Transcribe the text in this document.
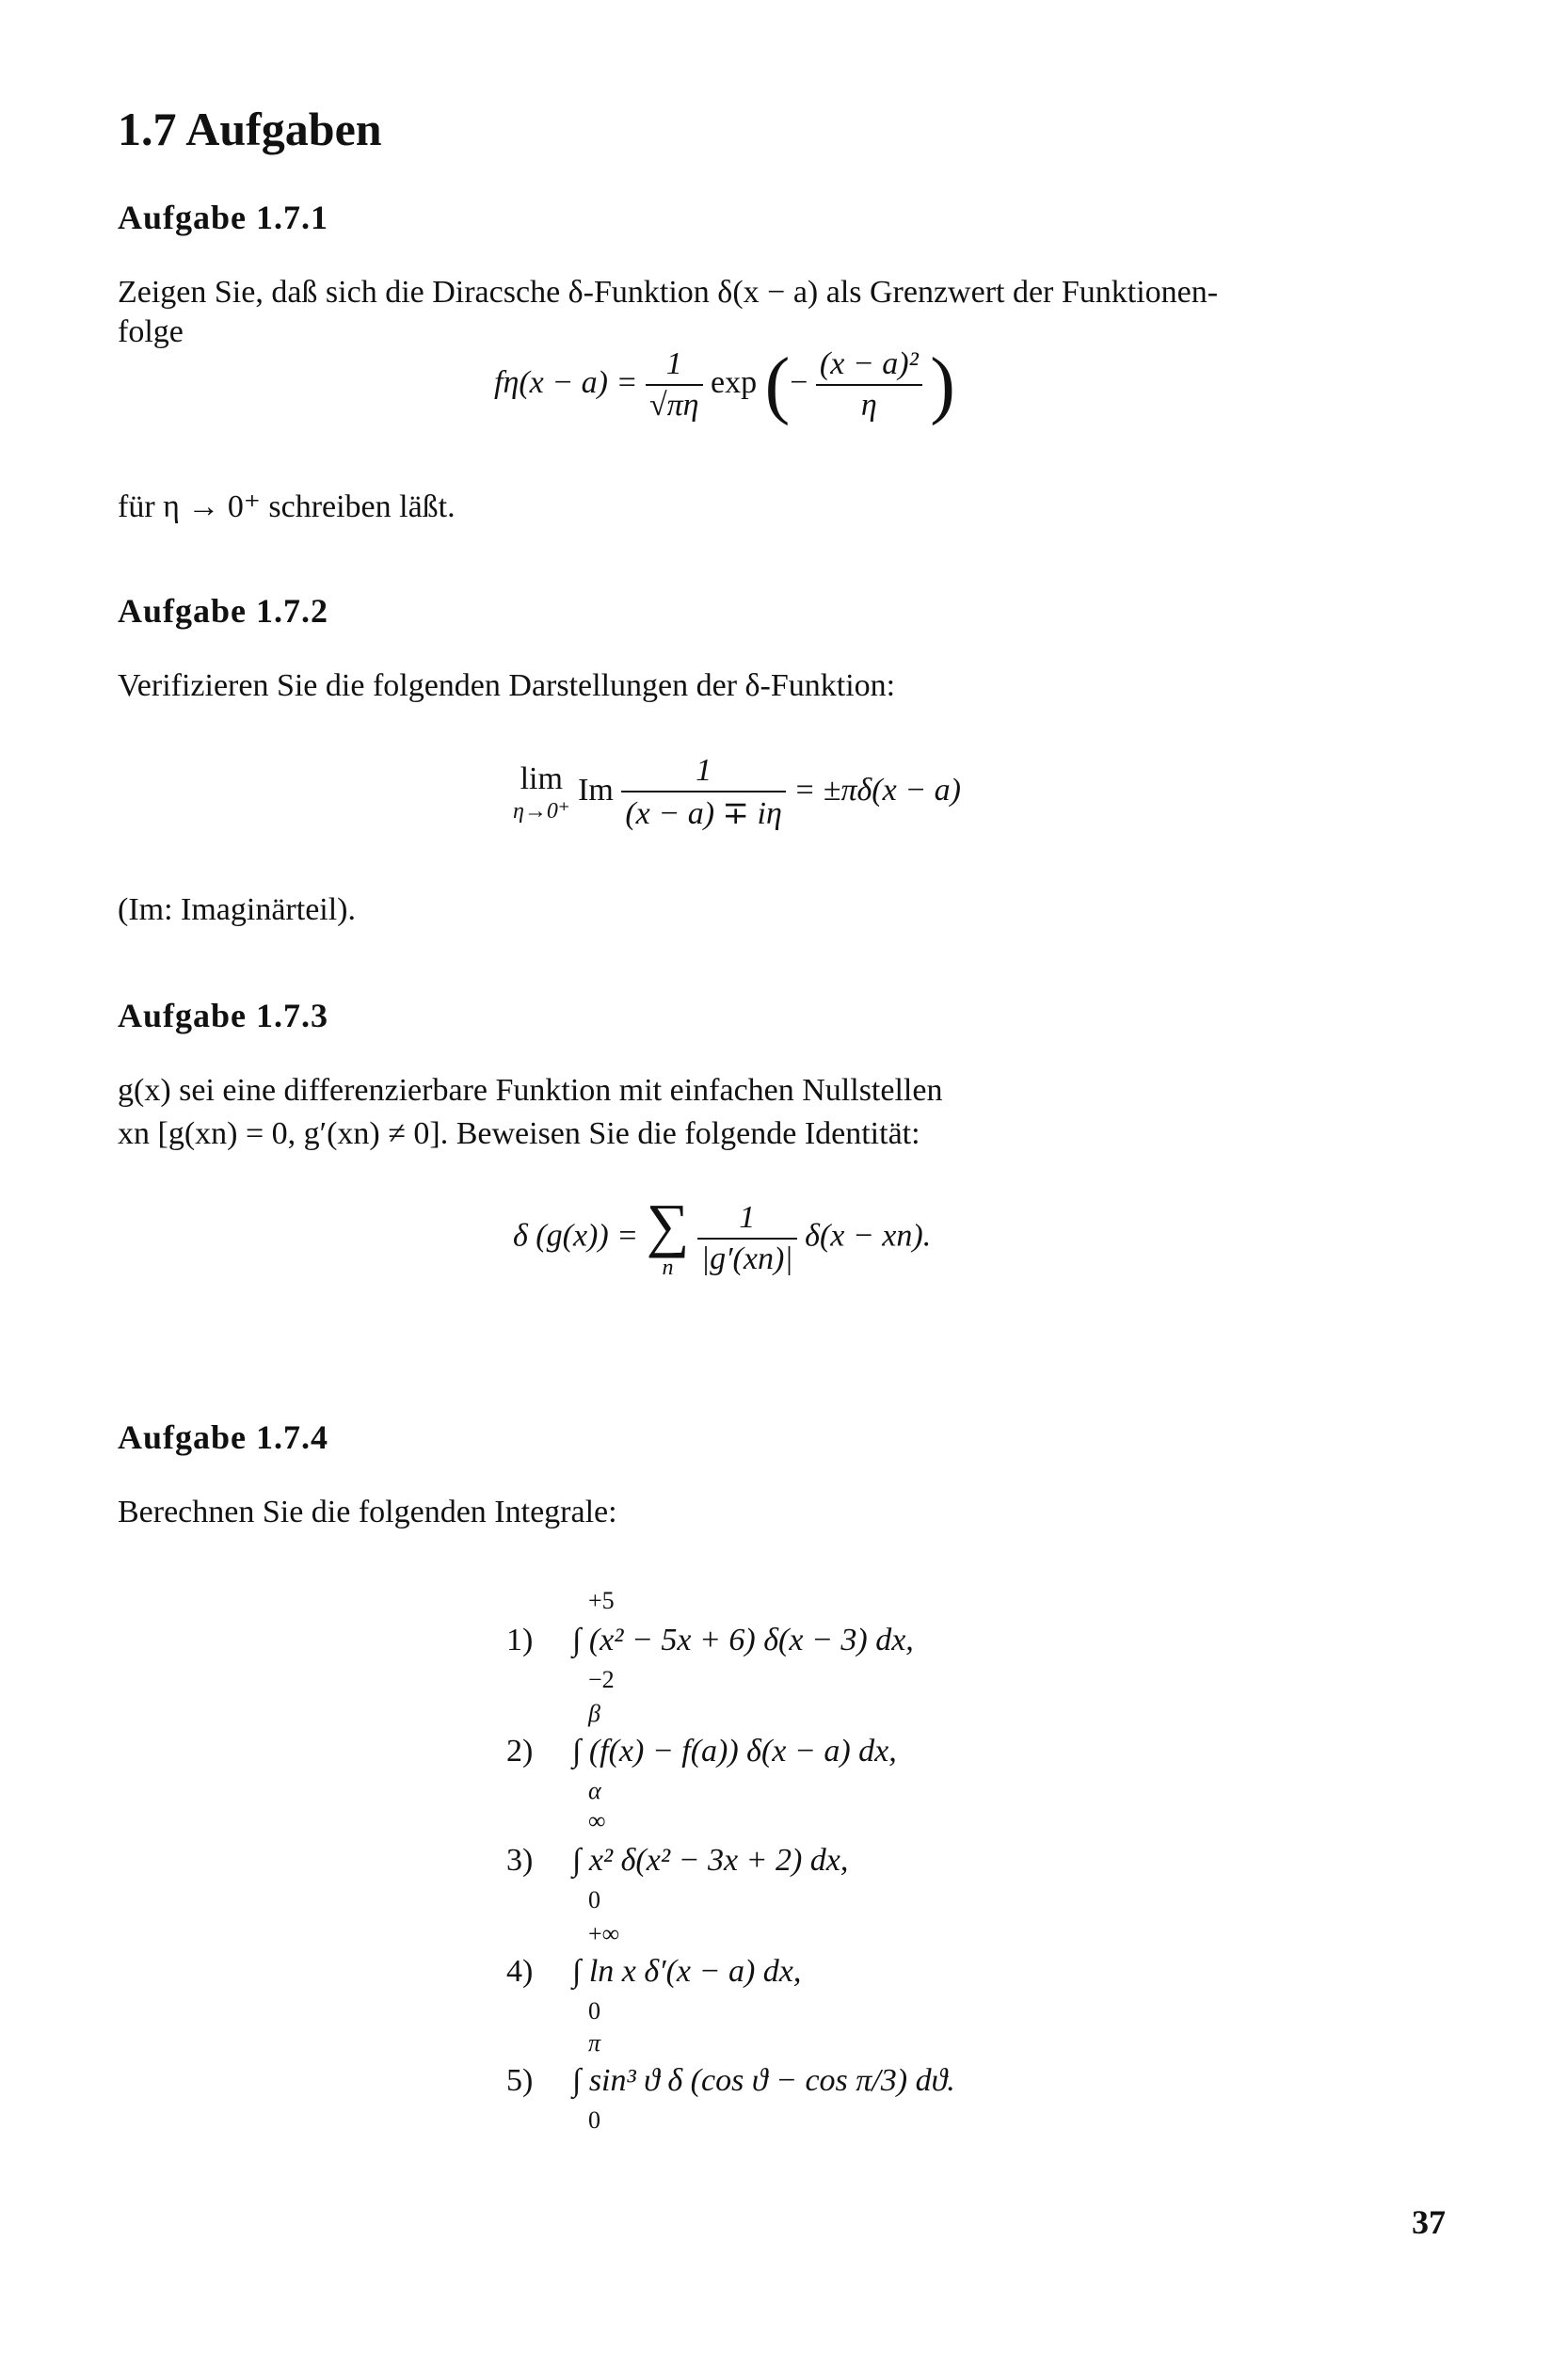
1.7 Aufgaben
Aufgabe 1.7.1
Zeigen Sie, daß sich die Diracsche δ-Funktion δ(x − a) als Grenzwert der Funktionen-
folge
$f\eta(x - a) = \frac{1}{√\pi\eta}$ exp (− $\frac{\text{(x − a)²}}{\eta}$ )
für η → 0⁺ schreiben läßt.
Aufgabe 1.7.2
Verifizieren Sie die folgenden Darstellungen der δ-Funktion:
lim
η→0⁺
Im $\frac{1}{(x - a) \mp i\eta} = \pm\pi\delta(x - a)$
(Im: Imaginärteil).
Aufgabe 1.7.3
g(x) sei eine differenzierbare Funktion mit einfachen Nullstellen
xn [g(xn) = 0, g′(xn) ≠ 0]. Beweisen Sie die folgende Identität:
δ (g(x)) = ∑
n
$\frac{1}{|g'(xn)|} \delta(x - xn)$.
Aufgabe 1.7.4
Berechnen Sie die folgenden Integrale:
+5
1) ∫ (x² − 5x + 6) δ(x − 3) dx,
−2
β
2) ∫ (f(x) − f(a)) δ(x − a) dx,
α
∞
3) ∫ x² δ(x² − 3x + 2) dx,
0
+∞
4) ∫ ln x δ′(x − a) dx,
0
π
5) ∫ sin³ ϑ δ (cos ϑ − cos π/3) dϑ.
0
37
